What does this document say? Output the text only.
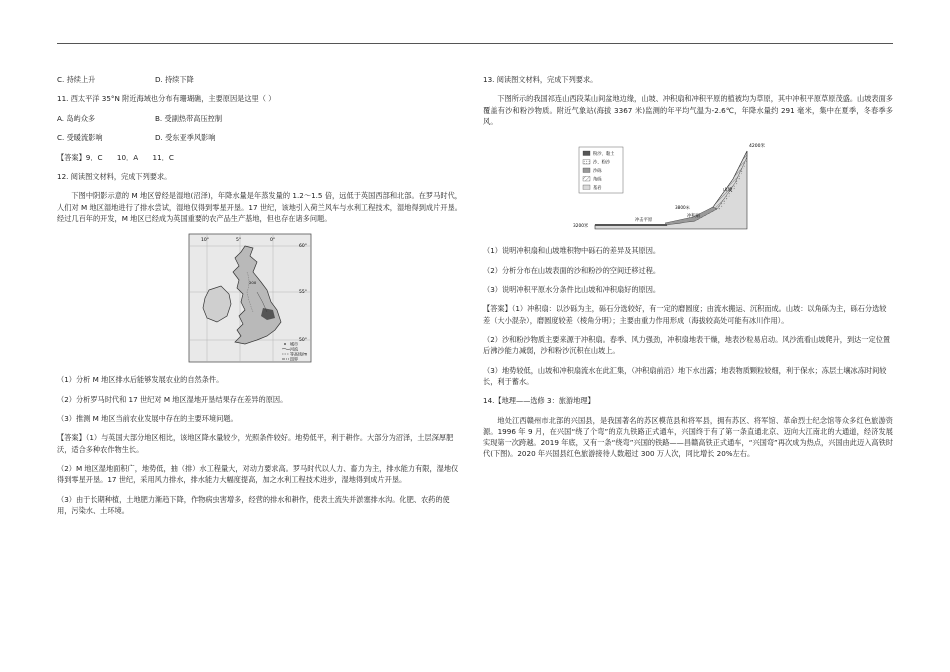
C. 持续上升	D. 持续下降
11. 西太平洋 35°N 附近海域也分布有珊瑚礁，主要原因是这里（ ）
A. 岛屿众多	B. 受副热带高压控制
C. 受暖流影响	D. 受东亚季风影响
【答案】9．C　　10．A　　11．C
12. 阅读图文材料，完成下列要求。
下图中阴影示意的 M 地区曾经是湿地(沼泽)，年降水量是年蒸发量的 1.2～1.5 倍，远低于英国西部和北部。在罗马时代，人们对 M 地区湿地进行了排水尝试，湿地仅得到零星开垦。17 世纪，该地引入荷兰风车与水利工程技术，湿地得到成片开垦。经过几百年的开发，M 地区已经成为英国重要的农产品生产基地，但也存在诸多问题。
10°	5°	0°
60°
55°
50°
200
城市
河流
等高线/m
国界
（1）分析 M 地区排水后能够发展农业的自然条件。
（2）分析罗马时代和 17 世纪对 M 地区湿地开垦结果存在差异的原因。
（3）推测 M 地区当前农业发展中存在的主要环境问题。
【答案】（1）与英国大部分地区相比，该地区降水量较少，光照条件较好。地势低平，利于耕作。大部分为沼泽，土层深厚肥沃，适合多种农作物生长。
（2）M 地区湿地面积广，地势低，抽（排）水工程量大，对动力要求高。罗马时代以人力、畜力为主，排水能力有限，湿地仅得到零星开垦。17 世纪，采用风力排水，排水能力大幅度提高，加之水利工程技术进步，湿地得到成片开垦。
（3）由于长期种植，土地肥力渐趋下降，作物病虫害增多，经营的排水和耕作，使表土流失并淤塞排水沟。化肥、农药的使用，污染水、土环境。
13. 阅读图文材料，完成下列要求。
下图所示的我国祁连山西段某山间盆地边缘，山坡、冲积扇和冲积平原的植被均为草原，其中冲积平原草原茂盛。山坡表面多覆盖有沙和粉沙物质。附近气象站(海拔 3367 米)监测的年平均气温为-2.6℃，年降水量约 291 毫米，集中在夏季，冬春季多风。
粉沙、黏土
沙、粉沙
沙砾
角砾
基岩
4200米
山坡
3800米
冲积扇
冲击平原
3200米
（1）说明冲积扇和山坡堆积物中砾石的差异及其原因。
（2）分析分布在山坡表面的沙和粉沙的空间迁移过程。
（3）说明冲积平原水分条件比山坡和冲积扇好的原因。
【答案】（1）冲积扇：以沙砾为主，砾石分选较好，有一定的磨圆度；由流水搬运、沉积而成。山坡：以角砾为主，砾石分选较差（大小混杂），磨圆度较差（棱角分明）；主要由重力作用形成（海拔较高处可能有冰川作用）。
（2）沙和粉沙物质主要来源于冲积扇。春季、风力强劲，冲积扇地表干燥，地表沙粒易启动。风沙流看山坡爬升，到达一定位置后沸沙能力减弱，沙和粉沙沉积在山坡上。
（3）地势较低，山坡和冲积扇流水在此汇集，（冲积扇前沿）地下水出露；地表物质颗粒较细，利于保水；冻层土壤冰冻时间较长，利于蓄水。
14.【地理——选修 3：旅游地理】
地处江西赣州市北部的兴国县，是我国著名的苏区模范县和将军县，拥有苏区、将军馆、革命烈士纪念馆等众多红色旅游资源。1996 年 9 月，在兴国“绕了个弯”的京九铁路正式通车，兴国终于有了第一条直通北京、迈向大江南北的大通道，经济发展实现第一次跨越。2019 年底，又有一条“绕弯”兴国的铁路——昌赣高铁正式通车，“兴国弯”再次成为热点，兴国由此迈入高铁时代(下图)。2020 年兴国县红色旅游接待人数超过 300 万人次，同比增长 20%左右。
